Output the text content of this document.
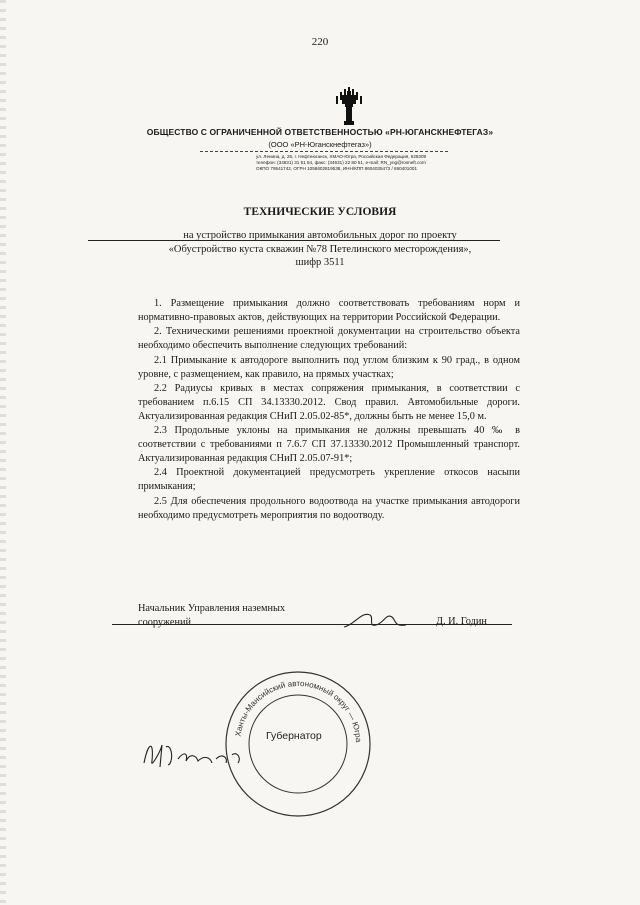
220
ОБЩЕСТВО С ОГРАНИЧЕННОЙ ОТВЕТСТВЕННОСТЬЮ «РН-ЮГАНСКНЕФТЕГАЗ»
(ООО «РН-Юганскнефтегаз»)
ул. Ленина, д. 26, г. Нефтеюганск, ХМАО-Югра, Российская Федерация, 628309
телефон: (34631) 31 51 84, факс: (34631) 22 80 51, e-mail: RN_yng@rosneft.com
ОКПО 79541742, ОГРН 1058602819538, ИНН/КПП 8604035473 / 860401001
ТЕХНИЧЕСКИЕ УСЛОВИЯ
на устройство примыкания автомобильных дорог по проекту
«Обустройство куста скважин №78 Петелинского месторождения»,
шифр 3511

1. Размещение примыкания должно соответствовать требованиям норм и нормативно-правовых актов, действующих на территории Российской Федерации.

2. Техническими решениями проектной документации на строительство объекта необходимо обеспечить выполнение следующих требований:

2.1 Примыкание к автодороге выполнить под углом близким к 90 град., в одном уровне, с размещением, как правило, на прямых участках;

2.2 Радиусы кривых в местах сопряжения примыкания, в соответствии с требованием п.6.15 СП 34.13330.2012. Свод правил. Автомобильные дороги. Актуализированная редакция СНиП 2.05.02-85*, должны быть не менее 15,0 м.

2.3 Продольные уклоны на примыкания не должны превышать 40 ‰ в соответствии с требованиями п 7.6.7 СП 37.13330.2012 Промышленный транспорт. Актуализированная редакция СНиП 2.05.07-91*;

2.4 Проектной документацией предусмотреть укрепление откосов насыпи примыкания;

2.5 Для обеспечения продольного водоотвода на участке примыкания автодороги необходимо предусмотреть мероприятия по водоотводу.

Начальник Управления наземных
сооружений	Д. И. Годин
Ханты-Мансийский автономный округ — Югра
Губернатор
